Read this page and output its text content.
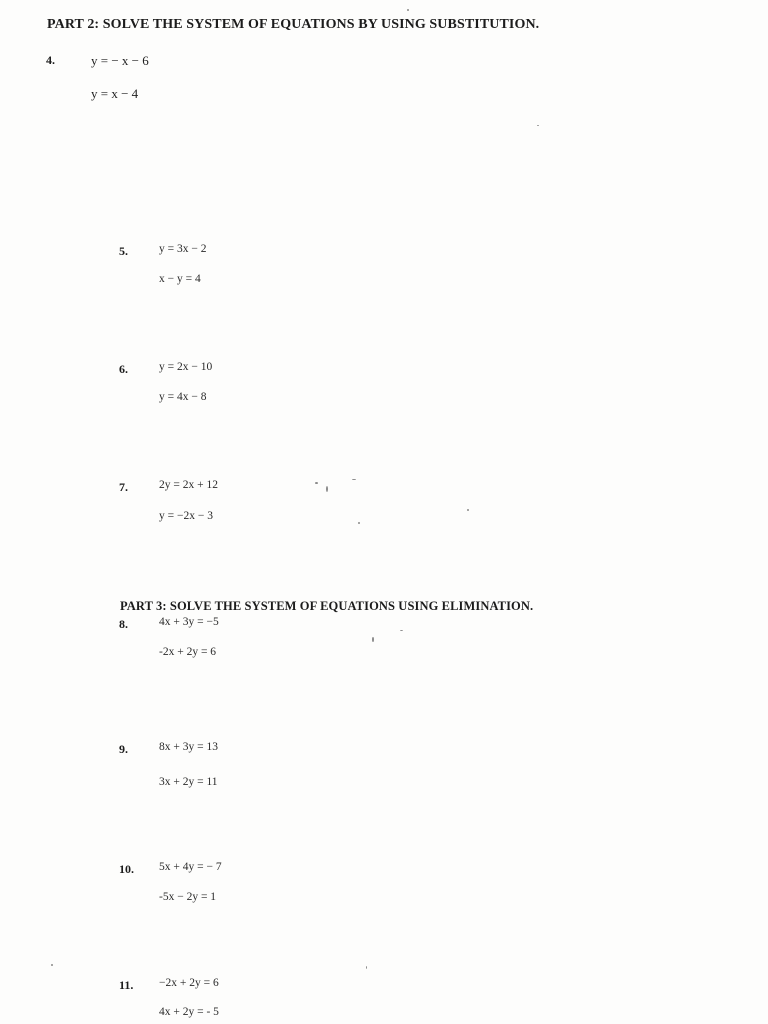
PART 2: SOLVE THE SYSTEM OF EQUATIONS BY USING SUBSTITUTION.
4.	y = − x − 6
y = x − 4
5.	y = 3x − 2
x − y = 4
6.	y = 2x − 10
y = 4x − 8
7.	2y = 2x + 12
y = −2x − 3
PART 3: SOLVE THE SYSTEM OF EQUATIONS USING ELIMINATION.
8.	4x + 3y = −5
-2x + 2y = 6
9.	8x + 3y = 13
3x + 2y = 11
10. 5x + 4y = − 7
-5x − 2y = 1
11. −2x + 2y = 6
4x + 2y = - 5
